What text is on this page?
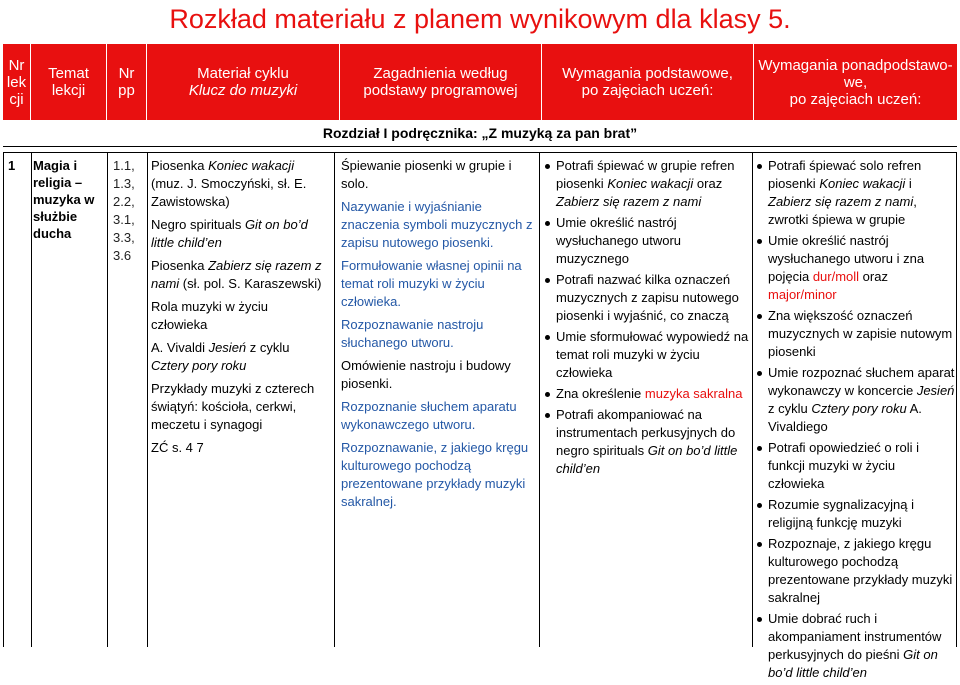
Rozkład materiału z planem wynikowym dla klasy 5.
Nr
lek
cji
Temat
lekcji
Nr
pp
Materiał cyklu
Klucz do muzyki
Zagadnienia według
podstawy programowej
Wymagania podstawowe,
po zajęciach uczeń:
Wymagania ponadpodstawo-
we,
po zajęciach uczeń:
Rozdział I podręcznika: „Z muzyką za pan brat”
1	Magia i religia – muzyka w służbie ducha
1.1, 1.3, 2.2, 3.1, 3.3, 3.6

Piosenka Koniec wakacji (muz. J. Smoczyński, sł. E. Zawistowska)

Negro spirituals Git on bo’d little child’en

Piosenka Zabierz się razem z nami (sł. pol. S. Karaszewski)

Rola muzyki w życiu człowieka

A. Vivaldi Jesień z cyklu Cztery pory roku

Przykłady muzyki z czterech świątyń: kościoła, cerkwi, meczetu i synagogi

ZĆ s. 4 7

Śpiewanie piosenki w grupie i solo.

Nazywanie i wyjaśnianie znaczenia symboli muzycznych z zapisu nutowego piosenki.

Formułowanie własnej opinii na temat roli muzyki w życiu człowieka.

Rozpoznawanie nastroju słuchanego utworu.

Omówienie nastroju i budowy piosenki.

Rozpoznanie słuchem aparatu wykonawczego utworu.

Rozpoznawanie, z jakiego kręgu kulturowego pochodzą prezentowane przykłady muzyki sakralnej.

Potrafi śpiewać w grupie refren piosenki Koniec wakacji oraz Zabierz się razem z nami
Umie określić nastrój wysłuchanego utworu muzycznego
Potrafi nazwać kilka oznaczeń muzycznych z zapisu nutowego piosenki i wyjaśnić, co znaczą
Umie sformułować wypowiedź na temat roli muzyki w życiu człowieka
Zna określenie muzyka sakralna
Potrafi akompaniować na instrumentach perkusyjnych do negro spirituals Git on bo’d little child’en
Potrafi śpiewać solo refren piosenki Koniec wakacji i Zabierz się razem z nami, zwrotki śpiewa w grupie
Umie określić nastrój wysłuchanego utworu i zna pojęcia dur/moll oraz major/minor
Zna większość oznaczeń muzycznych w zapisie nutowym piosenki
Umie rozpoznać słuchem aparat wykonawczy w koncercie Jesień z cyklu Cztery pory roku A. Vivaldiego
Potrafi opowiedzieć o roli i funkcji muzyki w życiu człowieka
Rozumie sygnalizacyjną i religijną funkcję muzyki
Rozpoznaje, z jakiego kręgu kulturowego pochodzą prezentowane przykłady muzyki sakralnej
Umie dobrać ruch i akompaniament instrumentów perkusyjnych do pieśni Git on bo’d little child’en
